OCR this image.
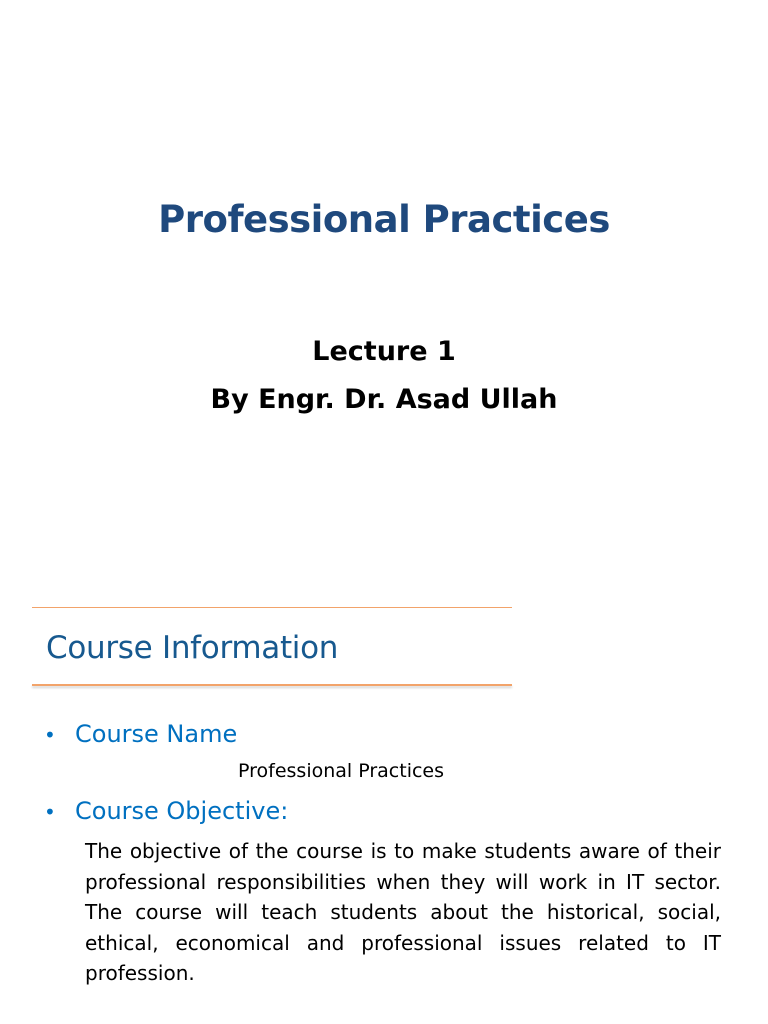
Professional Practices
Lecture 1
By Engr. Dr. Asad Ullah
Course Information
• Course Name
Professional Practices
• Course Objective:
The objective of the course is to make students aware of their professional responsibilities when they will work in IT sector. The course will teach students about the historical, social, ethical, economical and professional issues related to IT profession.
